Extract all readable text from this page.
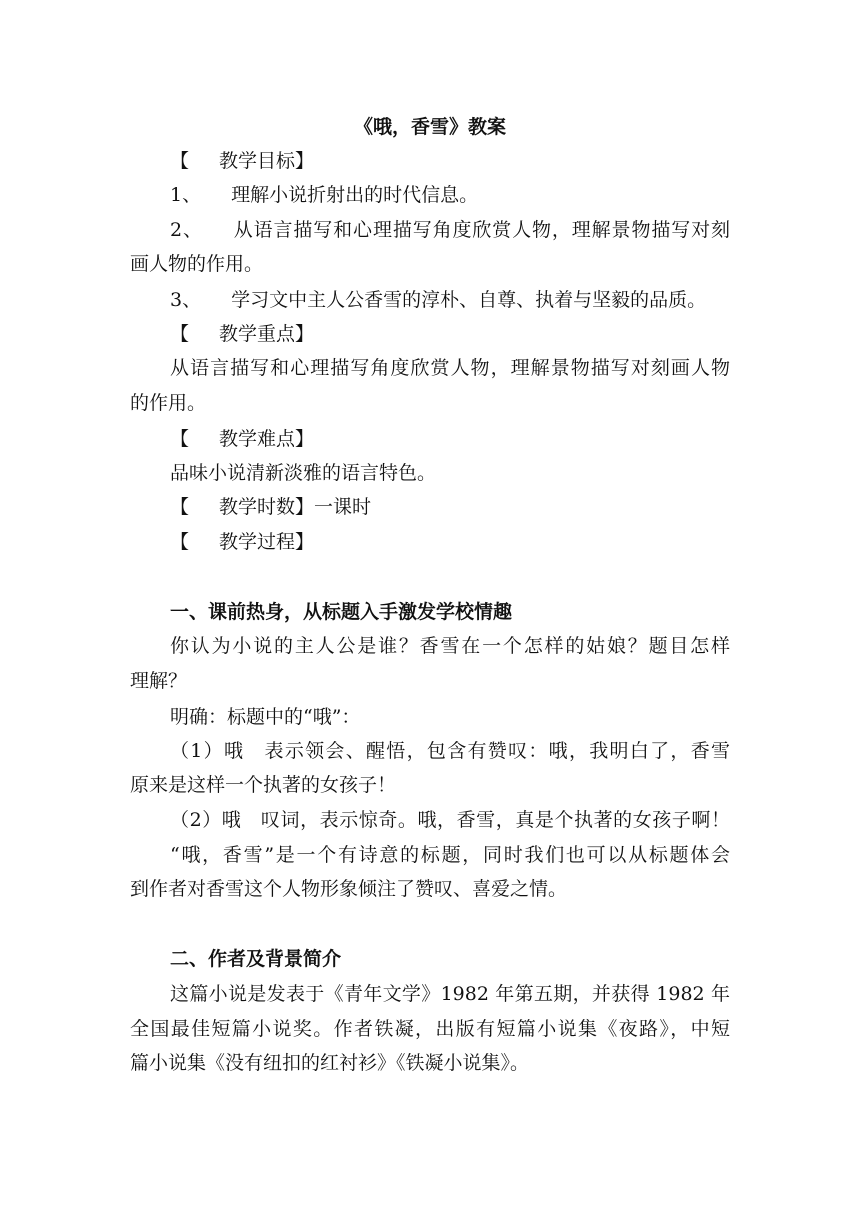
《哦，香雪》教案

【 教学目标】

1、 理解小说折射出的时代信息。

2、 从语言描写和心理描写角度欣赏人物，理解景物描写对刻

画人物的作用。

3、 学习文中主人公香雪的淳朴、自尊、执着与坚毅的品质。

【 教学重点】

从语言描写和心理描写角度欣赏人物，理解景物描写对刻画人物

的作用。

【 教学难点】

品味小说清新淡雅的语言特色。

【 教学时数】一课时

【 教学过程】

一、课前热身，从标题入手激发学校情趣

你认为小说的主人公是谁？香雪在一个怎样的姑娘？题目怎样

理解？

明确：标题中的“哦”：

（1）哦　表示领会、醒悟，包含有赞叹：哦，我明白了，香雪

原来是这样一个执著的女孩子！

（2）哦　叹词，表示惊奇。哦，香雪，真是个执著的女孩子啊！

“哦，香雪”是一个有诗意的标题，同时我们也可以从标题体会

到作者对香雪这个人物形象倾注了赞叹、喜爱之情。

二、作者及背景简介

这篇小说是发表于《青年文学》1982 年第五期，并获得 1982 年

全国最佳短篇小说奖。作者铁凝，出版有短篇小说集《夜路》，中短

篇小说集《没有纽扣的红衬衫》《铁凝小说集》。
